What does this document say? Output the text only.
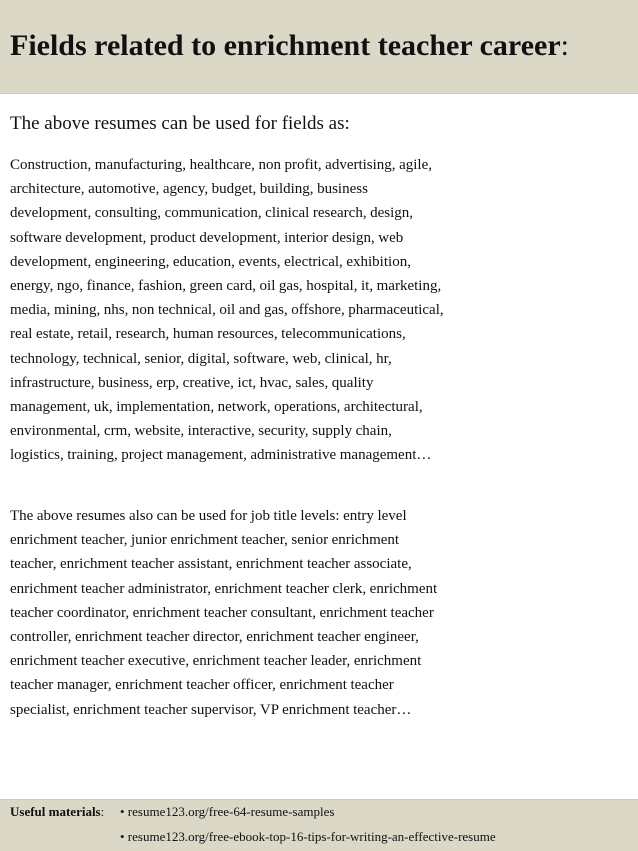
Fields related to enrichment teacher career:

The above resumes can be used for fields as:

Construction, manufacturing, healthcare, non profit, advertising, agile,
architecture, automotive, agency, budget, building, business
development, consulting, communication, clinical research, design,
software development, product development, interior design, web
development, engineering, education, events, electrical, exhibition,
energy, ngo, finance, fashion, green card, oil gas, hospital, it, marketing,
media, mining, nhs, non technical, oil and gas, offshore, pharmaceutical,
real estate, retail, research, human resources, telecommunications,
technology, technical, senior, digital, software, web, clinical, hr,
infrastructure, business, erp, creative, ict, hvac, sales, quality
management, uk, implementation, network, operations, architectural,
environmental, crm, website, interactive, security, supply chain,
logistics, training, project management, administrative management…

The above resumes also can be used for job title levels: entry level
enrichment teacher, junior enrichment teacher, senior enrichment
teacher, enrichment teacher assistant, enrichment teacher associate,
enrichment teacher administrator, enrichment teacher clerk, enrichment
teacher coordinator, enrichment teacher consultant, enrichment teacher
controller, enrichment teacher director, enrichment teacher engineer,
enrichment teacher executive, enrichment teacher leader, enrichment
teacher manager, enrichment teacher officer, enrichment teacher
specialist, enrichment teacher supervisor, VP enrichment teacher…

Useful materials: • resume123.org/free-64-resume-samples
• resume123.org/free-ebook-top-16-tips-for-writing-an-effective-resume
